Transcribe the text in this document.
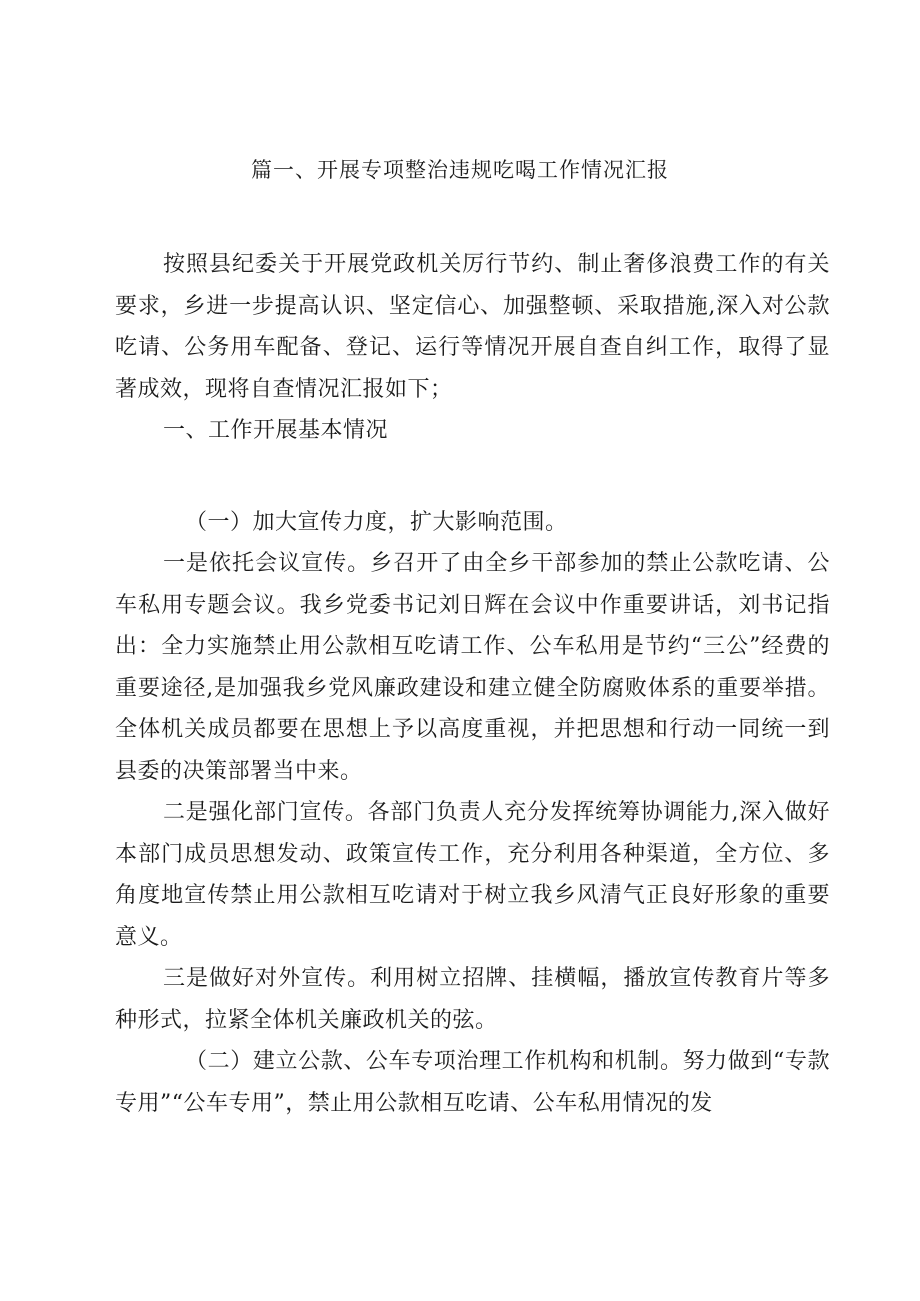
篇一、开展专项整治违规吃喝工作情况汇报

按照县纪委关于开展党政机关厉行节约、制止奢侈浪费工作的有关要求，乡进一步提高认识、坚定信心、加强整顿、采取措施,深入对公款吃请、公务用车配备、登记、运行等情况开展自查自纠工作，取得了显著成效，现将自查情况汇报如下；

一、工作开展基本情况

（一）加大宣传力度，扩大影响范围。

一是依托会议宣传。乡召开了由全乡干部参加的禁止公款吃请、公车私用专题会议。我乡党委书记刘日辉在会议中作重要讲话，刘书记指出：全力实施禁止用公款相互吃请工作、公车私用是节约“三公”经费的重要途径,是加强我乡党风廉政建设和建立健全防腐败体系的重要举措。全体机关成员都要在思想上予以高度重视，并把思想和行动一同统一到县委的决策部署当中来。

二是强化部门宣传。各部门负责人充分发挥统筹协调能力,深入做好本部门成员思想发动、政策宣传工作，充分利用各种渠道，全方位、多角度地宣传禁止用公款相互吃请对于树立我乡风清气正良好形象的重要意义。

三是做好对外宣传。利用树立招牌、挂横幅，播放宣传教育片等多种形式，拉紧全体机关廉政机关的弦。

（二）建立公款、公车专项治理工作机构和机制。努力做到“专款专用”“公车专用”，禁止用公款相互吃请、公车私用情况的发
